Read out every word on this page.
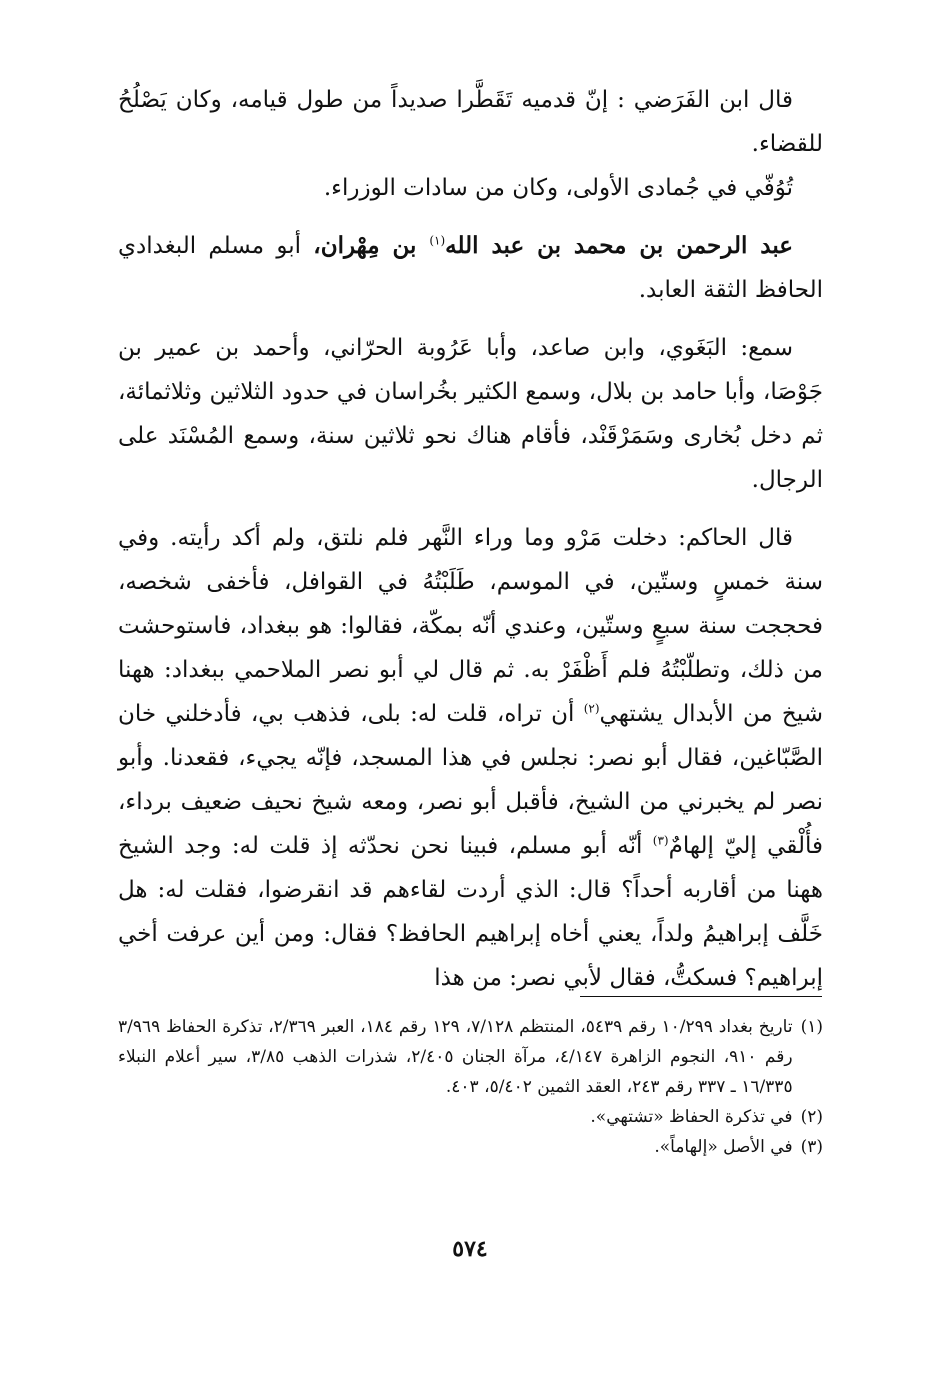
قال ابن الفَرَضي : إنّ قدميه تَقَطَّرا صديداً من طول قيامه، وكان يَصْلُحُ للقضاء.

تُوُفّي في جُمادى الأولى، وكان من سادات الوزراء.

عبد الرحمن بن محمد بن عبد الله$^{(١)}$ بن مِهْران، أبو مسلم البغدادي الحافظ الثقة العابد.

سمع: البَغَوي، وابن صاعد، وأبا عَرُوبة الحرّاني، وأحمد بن عمير بن جَوْصَا، وأبا حامد بن بلال، وسمع الكثير بخُراسان في حدود الثلاثين وثلاثمائة، ثم دخل بُخارى وسَمَرْقَنْد، فأقام هناك نحو ثلاثين سنة، وسمع المُسْنَد على الرجال.

قال الحاكم: دخلت مَرْو وما وراء النَّهر فلم نلتق، ولم أكد رأيته. وفي سنة خمسٍ وستّين، في الموسم، طَلَبْتُهُ في القوافل، فأخفى شخصه، فحججت سنة سبعٍ وستّين، وعندي أنّه بمكّة، فقالوا: هو ببغداد، فاستوحشت من ذلك، وتطلّبْتُهُ فلم أَظْفَرْ به. ثم قال لي أبو نصر الملاحمي ببغداد: ههنا شيخ من الأبدال يشتهي$^{(٢)}$ أن تراه، قلت له: بلى، فذهب بي، فأدخلني خان الصَّبّاغين، فقال أبو نصر: نجلس في هذا المسجد، فإنّه يجيء، فقعدنا. وأبو نصر لم يخبرني من الشيخ، فأقبل أبو نصر، ومعه شيخ نحيف ضعيف برداء، فأُلْقي إليّ إلهامٌ$^{(٣)}$ أنّه أبو مسلم، فبينا نحن نحدّثه إذ قلت له: وجد الشيخ ههنا من أقاربه أحداً؟ قال: الذي أردت لقاءهم قد انقرضوا، فقلت له: هل خَلَّف إبراهيمُ ولداً، يعني أخاه إبراهيم الحافظ؟ فقال: ومن أين عرفت أخي إبراهيم؟ فسكتُّ، فقال لأبي نصر: من هذا

(١)
تاريخ بغداد ١٠/٢٩٩ رقم ٥٤٣٩، المنتظم ٧/١٢٨، ١٢٩ رقم ١٨٤، العبر ٢/٣٦٩، تذكرة الحفاظ ٣/٩٦٩ رقم ٩١٠، النجوم الزاهرة ٤/١٤٧، مرآة الجنان ٢/٤٠٥، شذرات الذهب ٣/٨٥، سير أعلام النبلاء ١٦/٣٣٥ ـ ٣٣٧ رقم ٢٤٣، العقد الثمين ٥/٤٠٢، ٤٠٣.
(٢)
في تذكرة الحفاظ «تشتهي».
(٣)
في الأصل «إلهاماً».
٥٧٤
